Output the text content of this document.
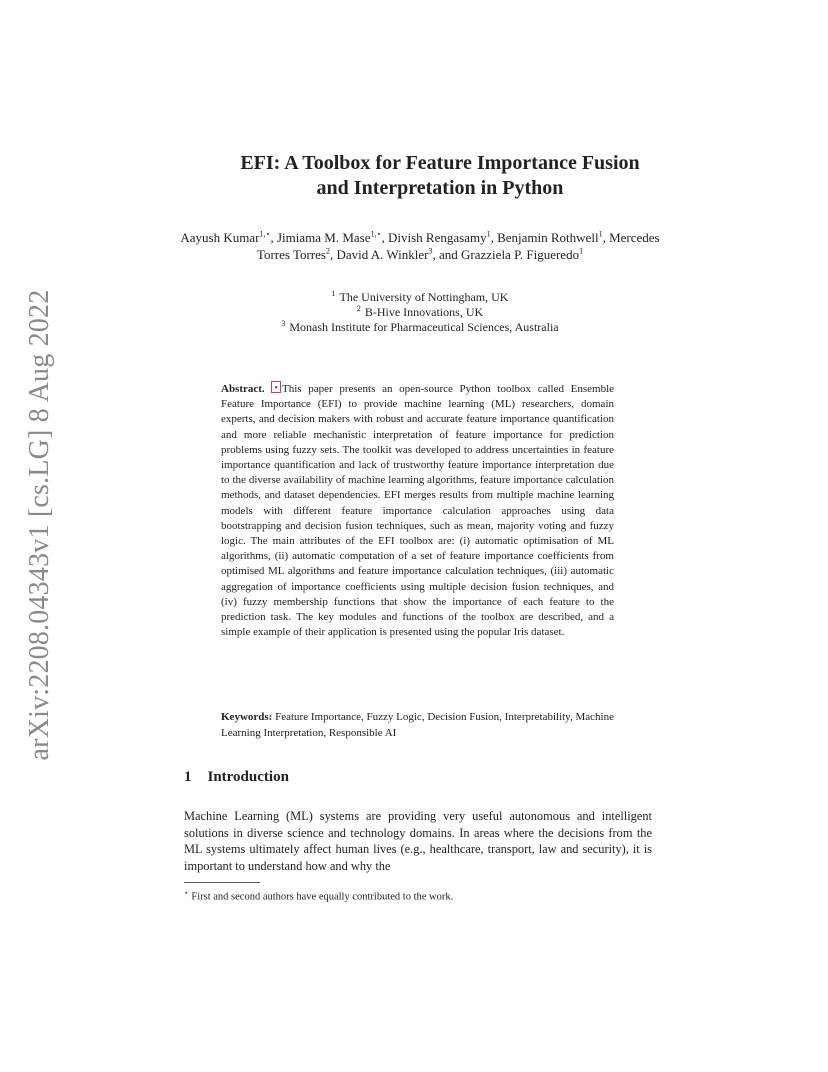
arXiv:2208.04343v1 [cs.LG] 8 Aug 2022
EFI: A Toolbox for Feature Importance Fusion
and Interpretation in Python
Aayush Kumar$^{1,⋆}$, Jimiama M. Mase$^{1,⋆}$, Divish Rengasamy$^1$, Benjamin Rothwell$^1$, Mercedes Torres Torres$^2$, David A. Winkler$^3$, and Grazziela P. Figueredo$^1$
$^1$ The University of Nottingham, UK
$^2$ B-Hive Innovations, UK
$^3$ Monash Institute for Pharmaceutical Sciences, Australia
Abstract. ⋆ This paper presents an open-source Python toolbox called Ensemble Feature Importance (EFI) to provide machine learning (ML) researchers, domain experts, and decision makers with robust and accurate feature importance quantification and more reliable mechanistic interpretation of feature importance for prediction problems using fuzzy sets. The toolkit was developed to address uncertainties in feature importance quantification and lack of trustworthy feature importance interpretation due to the diverse availability of machine learning algorithms, feature importance calculation methods, and dataset dependencies. EFI merges results from multiple machine learning models with different feature importance calculation approaches using data bootstrapping and decision fusion techniques, such as mean, majority voting and fuzzy logic. The main attributes of the EFI toolbox are: (i) automatic optimisation of ML algorithms, (ii) automatic computation of a set of feature importance coefficients from optimised ML algorithms and feature importance calculation techniques, (iii) automatic aggregation of importance coefficients using multiple decision fusion techniques, and (iv) fuzzy membership functions that show the importance of each feature to the prediction task. The key modules and functions of the toolbox are described, and a simple example of their application is presented using the popular Iris dataset.
Keywords: Feature Importance, Fuzzy Logic, Decision Fusion, Interpretability, Machine Learning Interpretation, Responsible AI
1 Introduction
Machine Learning (ML) systems are providing very useful autonomous and intelligent solutions in diverse science and technology domains. In areas where the decisions from the ML systems ultimately affect human lives (e.g., healthcare, transport, law and security), it is important to understand how and why the
⋆ First and second authors have equally contributed to the work.
